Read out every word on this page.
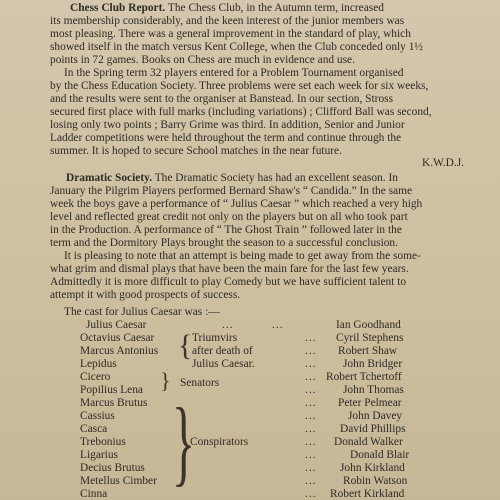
Chess Club Report. The Chess Club, in the Autumn term, increased
its membership considerably, and the keen interest of the junior members was
most pleasing. There was a general improvement in the standard of play, which
showed itself in the match versus Kent College, when the Club conceded only 1½
points in 72 games. Books on Chess are much in evidence and use.
In the Spring term 32 players entered for a Problem Tournament organised
by the Chess Education Society. Three problems were set each week for six weeks,
and the results were sent to the organiser at Banstead. In our section, Stross
secured first place with full marks (including variations) ; Clifford Ball was second,
losing only two points ; Barry Grime was third. In addition, Senior and Junior
Ladder competitions were held throughout the term and continue through the
summer. It is hoped to secure School matches in the near future.
K.W.D.J.
Dramatic Society. The Dramatic Society has had an excellent season. In
January the Pilgrim Players performed Bernard Shaw's “ Candida.” In the same
week the boys gave a performance of “ Julius Caesar ” which reached a very high
level and reflected great credit not only on the players but on all who took part
in the Production. A performance of “ The Ghost Train ” followed later in the
term and the Dormitory Plays brought the season to a successful conclusion.
It is pleasing to note that an attempt is being made to get away from the some-
what grim and dismal plays that have been the main fare for the last few years.
Admittedly it is more difficult to play Comedy but we have sufficient talent to
attempt it with good prospects of success.
The cast for Julius Caesar was :—
Julius Caesar
Octavius Caesar
Marcus Antonius
Lepidus
Cicero
Popilius Lena
Marcus Brutus
Cassius
Casca
Trebonius
Ligarius
Decius Brutus
Metellus Cimber
Cinna
{ Triumvirs
after death of
Julius Caesar.
} Senators
}
Conspirators
...	...
...
...
...
...
...
...
...
...
...
...
...
...
...
Ian Goodhand
Cyril Stephens
Robert Shaw
John Bridger
Robert Tchertoff
John Thomas
Peter Pelmear
John Davey
David Phillips
Donald Walker
Donald Blair
John Kirkland
Robin Watson
Robert Kirkland
